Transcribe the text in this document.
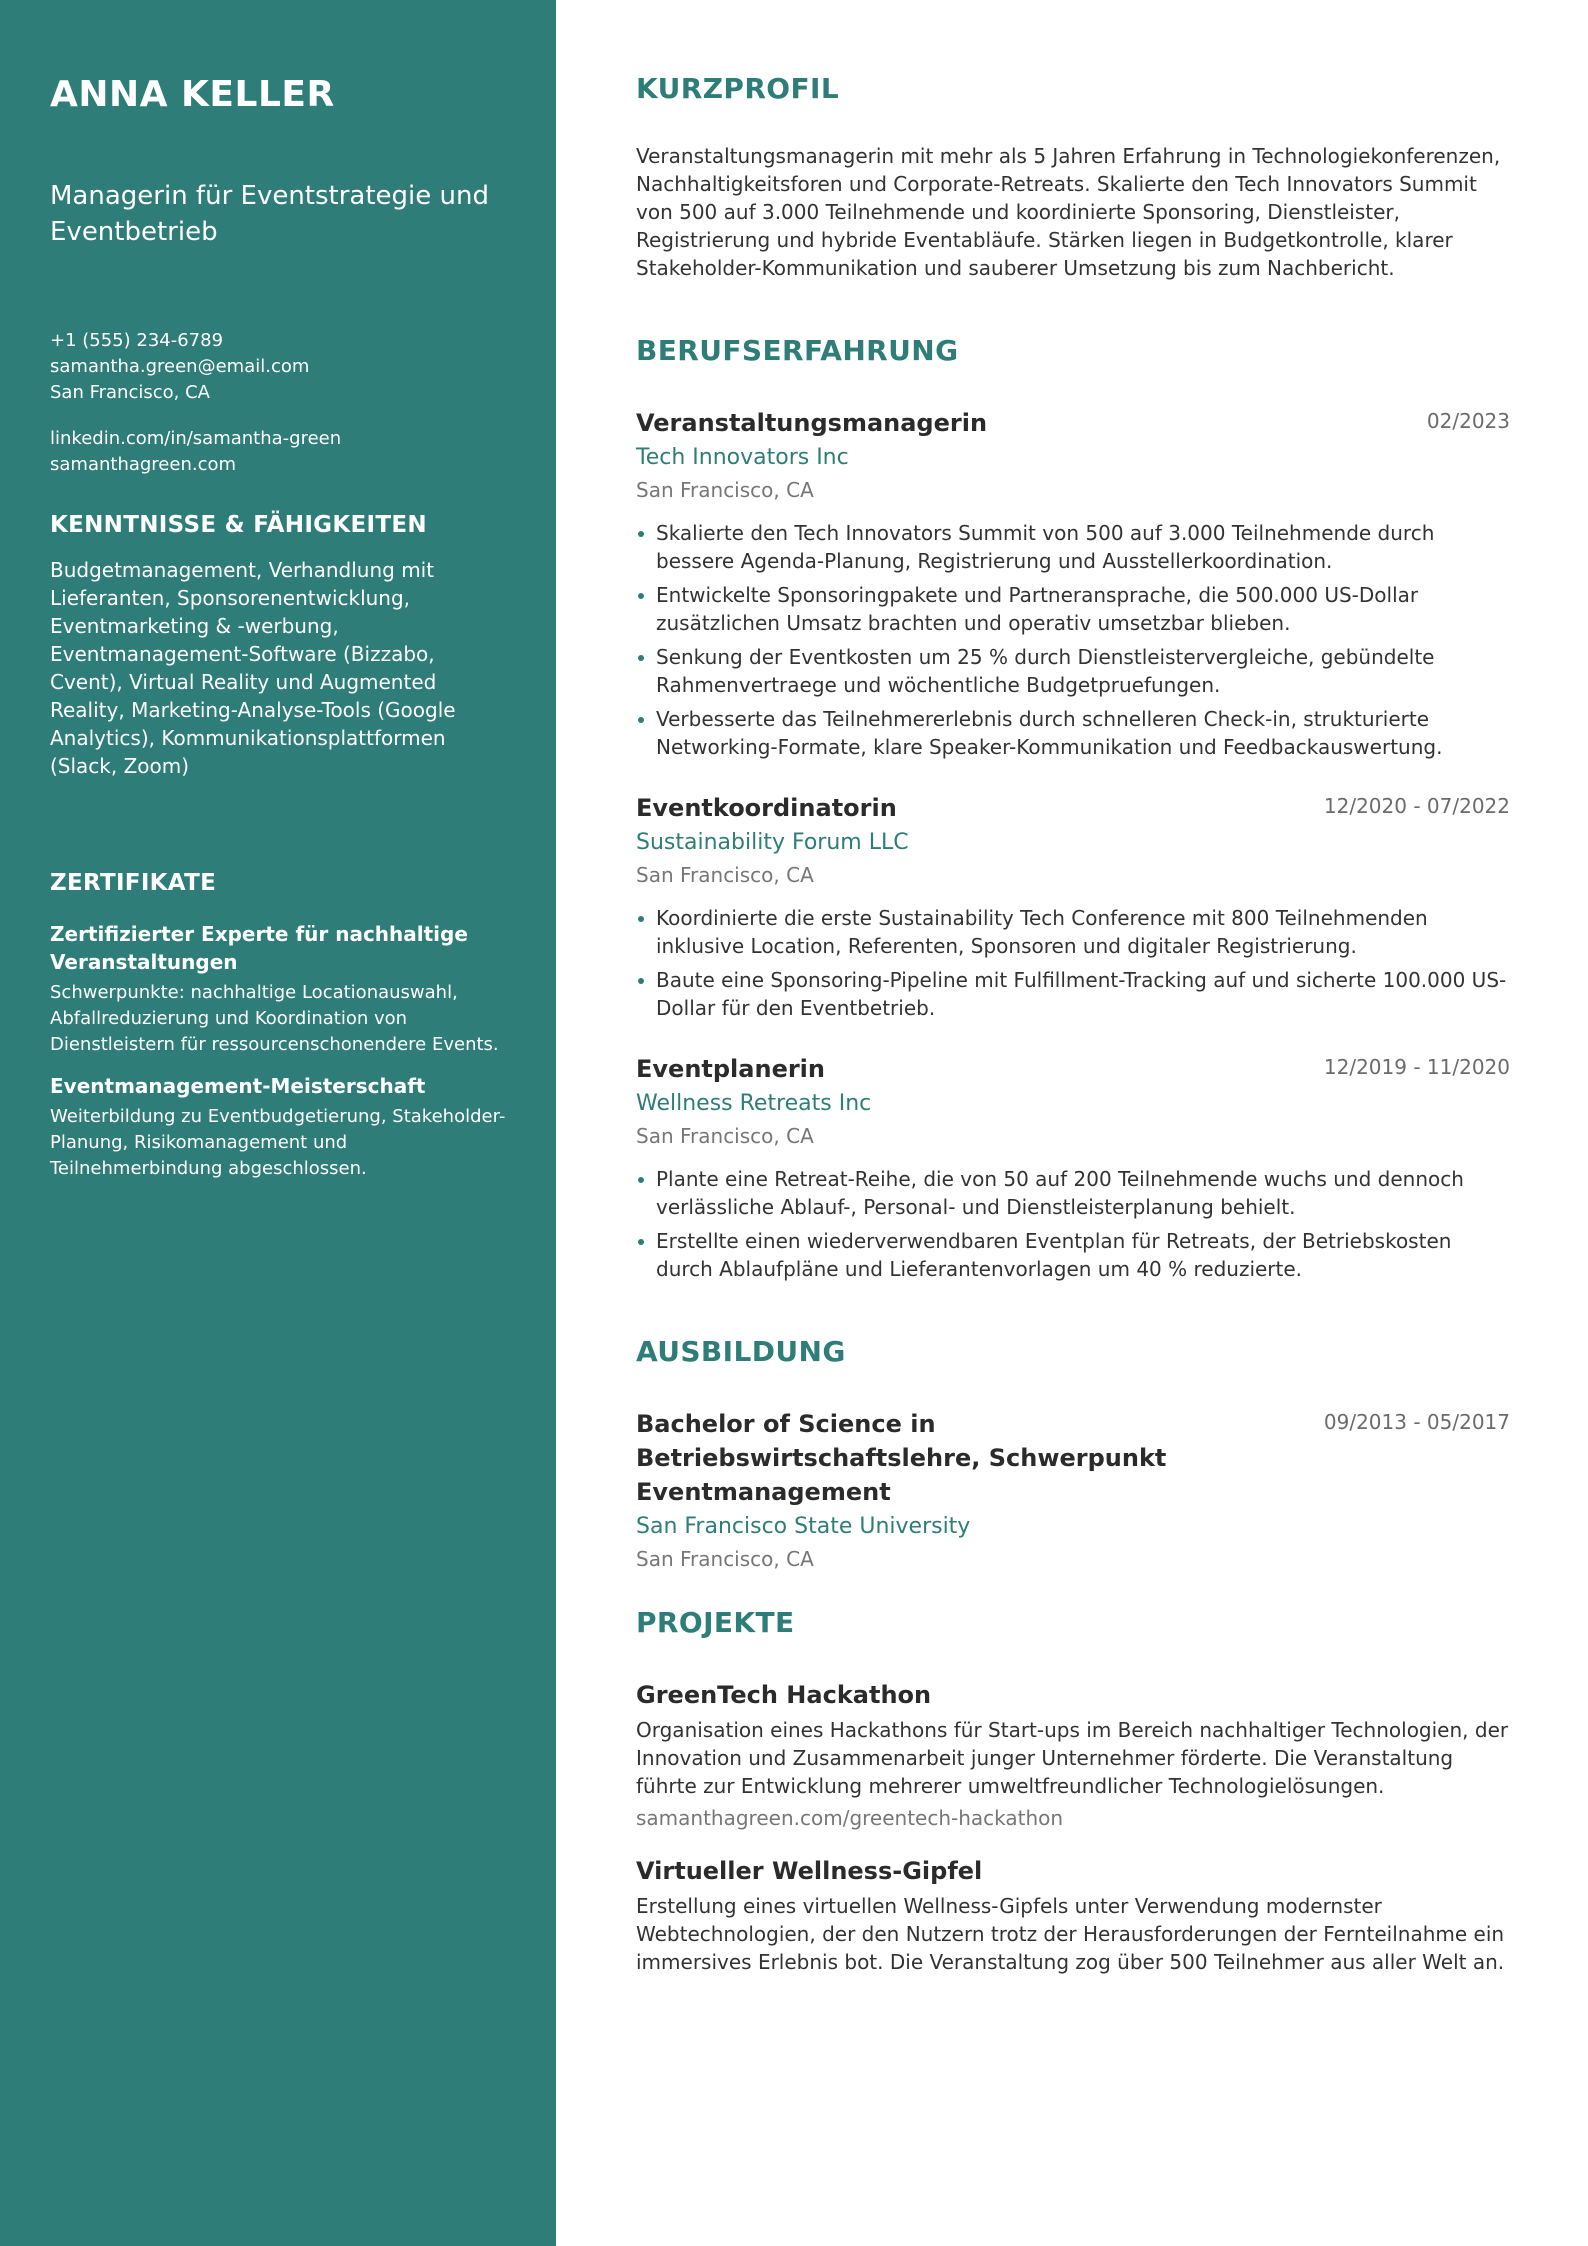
ANNA KELLER
Managerin für Eventstrategie und Eventbetrieb
+1 (555) 234-6789
samantha.green@email.com
San Francisco, CA
linkedin.com/in/samantha-green
samanthagreen.com
KENNTNISSE & FÄHIGKEITEN
Budgetmanagement, Verhandlung mit Lieferanten, Sponsorenentwicklung, Eventmarketing & -werbung, Eventmanagement-Software (Bizzabo, Cvent), Virtual Reality und Augmented Reality, Marketing-Analyse-Tools (Google Analytics), Kommunikationsplattformen (Slack, Zoom)
ZERTIFIKATE
Zertifizierter Experte für nachhaltige Veranstaltungen
Schwerpunkte: nachhaltige Locationauswahl, Abfallreduzierung und Koordination von Dienstleistern für ressourcenschonendere Events.
Eventmanagement-Meisterschaft
Weiterbildung zu Eventbudgetierung, Stakeholder-Planung, Risikomanagement und Teilnehmerbindung abgeschlossen.
KURZPROFIL

Veranstaltungsmanagerin mit mehr als 5 Jahren Erfahrung in Technologiekonferenzen, Nachhaltigkeitsforen und Corporate-Retreats. Skalierte den Tech Innovators Summit von 500 auf 3.000 Teilnehmende und koordinierte Sponsoring, Dienstleister, Registrierung und hybride Eventabläufe. Stärken liegen in Budgetkontrolle, klarer Stakeholder-Kommunikation und sauberer Umsetzung bis zum Nachbericht.

BERUFSERFAHRUNG
Veranstaltungsmanagerin	02/2023
Tech Innovators Inc
San Francisco, CA
Skalierte den Tech Innovators Summit von 500 auf 3.000 Teilnehmende durch bessere Agenda-Planung, Registrierung und Ausstellerkoordination.
Entwickelte Sponsoringpakete und Partneransprache, die 500.000 US-Dollar zusätzlichen Umsatz brachten und operativ umsetzbar blieben.
Senkung der Eventkosten um 25 % durch Dienstleistervergleiche, gebündelte Rahmenvertraege und wöchentliche Budgetpruefungen.
Verbesserte das Teilnehmererlebnis durch schnelleren Check-in, strukturierte Networking-Formate, klare Speaker-Kommunikation und Feedbackauswertung.
Eventkoordinatorin	12/2020 - 07/2022
Sustainability Forum LLC
San Francisco, CA
Koordinierte die erste Sustainability Tech Conference mit 800 Teilnehmenden inklusive Location, Referenten, Sponsoren und digitaler Registrierung.
Baute eine Sponsoring-Pipeline mit Fulfillment-Tracking auf und sicherte 100.000 US-Dollar für den Eventbetrieb.
Eventplanerin	12/2019 - 11/2020
Wellness Retreats Inc
San Francisco, CA
Plante eine Retreat-Reihe, die von 50 auf 200 Teilnehmende wuchs und dennoch verlässliche Ablauf-, Personal- und Dienstleisterplanung behielt.
Erstellte einen wiederverwendbaren Eventplan für Retreats, der Betriebskosten durch Ablaufpläne und Lieferantenvorlagen um 40 % reduzierte.
AUSBILDUNG
Bachelor of Science in Betriebswirtschaftslehre, Schwerpunkt Eventmanagement
09/2013 - 05/2017
San Francisco State University
San Francisco, CA
PROJEKTE
GreenTech Hackathon
Organisation eines Hackathons für Start-ups im Bereich nachhaltiger Technologien, der Innovation und Zusammenarbeit junger Unternehmer förderte. Die Veranstaltung führte zur Entwicklung mehrerer umweltfreundlicher Technologielösungen.
samanthagreen.com/greentech-hackathon
Virtueller Wellness-Gipfel
Erstellung eines virtuellen Wellness-Gipfels unter Verwendung modernster Webtechnologien, der den Nutzern trotz der Herausforderungen der Fernteilnahme ein immersives Erlebnis bot. Die Veranstaltung zog über 500 Teilnehmer aus aller Welt an.
